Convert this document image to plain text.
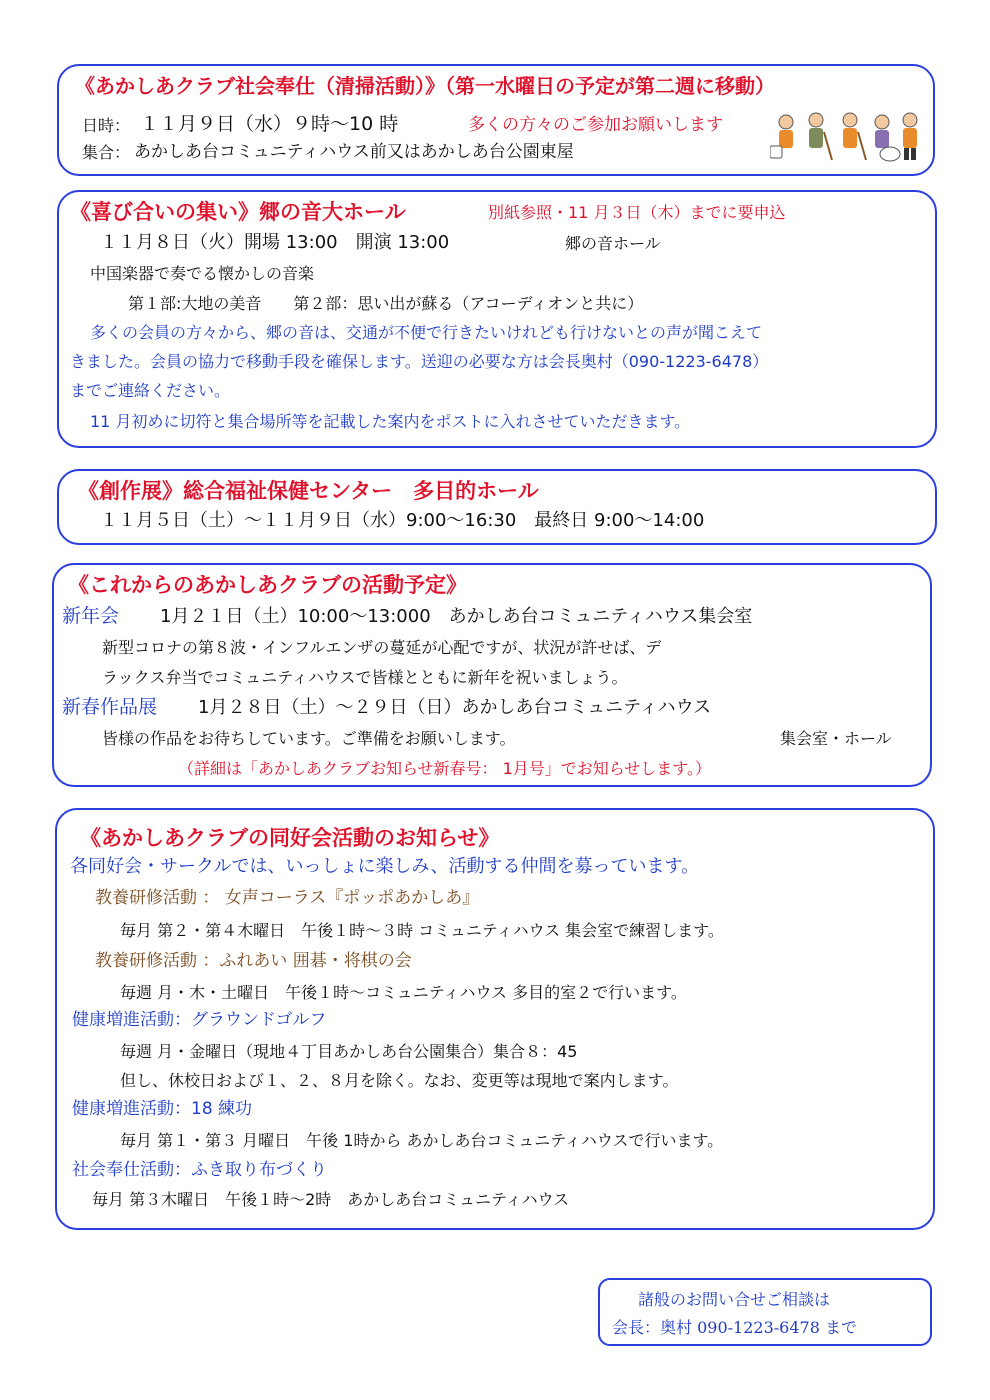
《あかしあクラブ社会奉仕（清掃活動）》（第一水曜日の予定が第二週に移動）
日時： １１月９日（水）９時～10 時	多くの方々のご参加お願いします
集合： あかしあ台コミュニティハウス前又はあかしあ台公園東屋
《喜び合いの集い》郷の音大ホール	別紙参照・11 月３日（木）までに要申込
１１月８日（火）開場 13:00　開演 13:00	郷の音ホール
中国楽器で奏でる懐かしの音楽
第１部:大地の美音　　第２部：思い出が蘇る（アコーディオンと共に）
多くの会員の方々から、郷の音は、交通が不便で行きたいけれども行けないとの声が聞こえて
きました。会員の協力で移動手段を確保します。送迎の必要な方は会長奥村（090-1223-6478）
までご連絡ください。
11 月初めに切符と集合場所等を記載した案内をポストに入れさせていただきます。
《創作展》総合福祉保健センター　多目的ホール
１１月５日（土）～１１月９日（水）9:00～16:30　最終日 9:00～14:00
《これからのあかしあクラブの活動予定》
新年会 1月２１日（土）10:00～13:000　あかしあ台コミュニティハウス集会室
新型コロナの第８波・インフルエンザの蔓延が心配ですが、状況が許せば、デ
ラックス弁当でコミュニティハウスで皆様とともに新年を祝いましょう。
新春作品展 1月２８日（土）～２９日（日）あかしあ台コミュニティハウス
皆様の作品をお待ちしています。ご準備をお願いします。	集会室・ホール
（詳細は「あかしあクラブお知らせ新春号： 1月号」でお知らせします。）
《あかしあクラブの同好会活動のお知らせ》
各同好会・サークルでは、いっしょに楽しみ、活動する仲間を募っています。
教養研修活動 ： 女声コーラス『ポッポあかしあ』
毎月 第２・第４木曜日　午後１時～３時 コミュニティハウス 集会室で練習します。
教養研修活動 ：ふれあい 囲碁・将棋の会
毎週 月・木・土曜日　午後１時～コミュニティハウス 多目的室２で行います。
健康増進活動：グラウンドゴルフ
毎週 月・金曜日（現地４丁目あかしあ台公園集合）集合８：45
但し、休校日および１、２、８月を除く。なお、変更等は現地で案内します。
健康増進活動：18 練功
毎月 第１・第３ 月曜日　午後 1時から あかしあ台コミュニティハウスで行います。
社会奉仕活動：ふき取り布づくり
毎月 第３木曜日　午後１時～2時　あかしあ台コミュニティハウス
諸般のお問い合せご相談は
会長：奥村 090-1223-6478 まで
